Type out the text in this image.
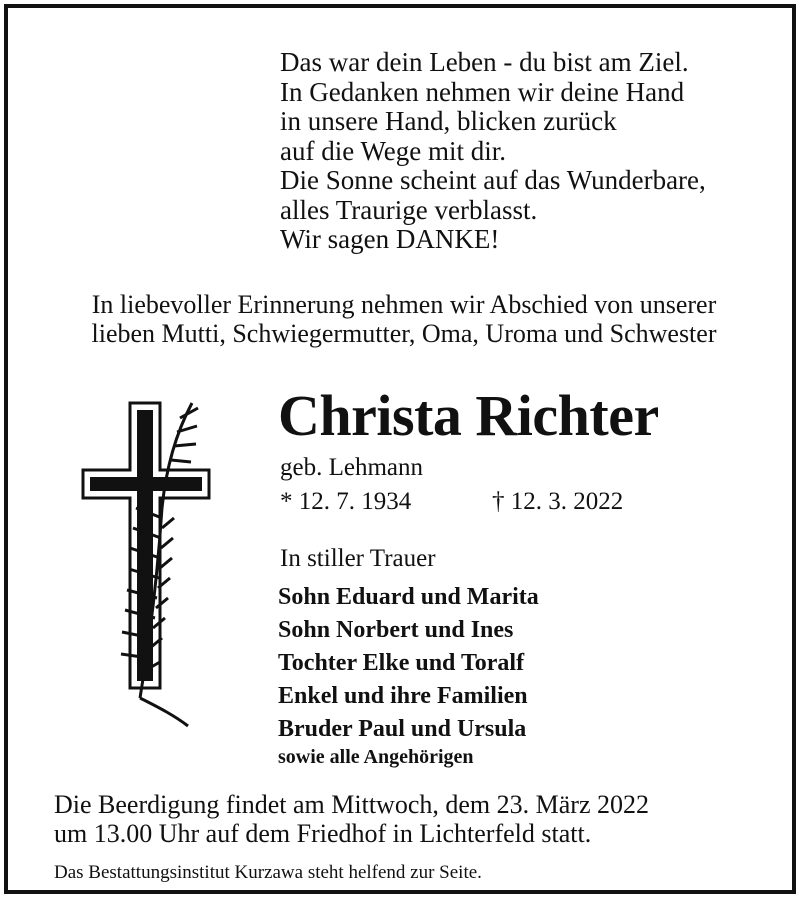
Das war dein Leben - du bist am Ziel.
In Gedanken nehmen wir deine Hand
in unsere Hand, blicken zurück
auf die Wege mit dir.
Die Sonne scheint auf das Wunderbare,
alles Traurige verblasst.
Wir sagen DANKE!
In liebevoller Erinnerung nehmen wir Abschied von unserer
lieben Mutti, Schwiegermutter, Oma, Uroma und Schwester
Christa Richter
geb. Lehmann
* 12. 7. 1934	† 12. 3. 2022
In stiller Trauer
Sohn Eduard und Marita
Sohn Norbert und Ines
Tochter Elke und Toralf
Enkel und ihre Familien
Bruder Paul und Ursula
sowie alle Angehörigen
Die Beerdigung findet am Mittwoch, dem 23. März 2022
um 13.00 Uhr auf dem Friedhof in Lichterfeld statt.
Das Bestattungsinstitut Kurzawa steht helfend zur Seite.
